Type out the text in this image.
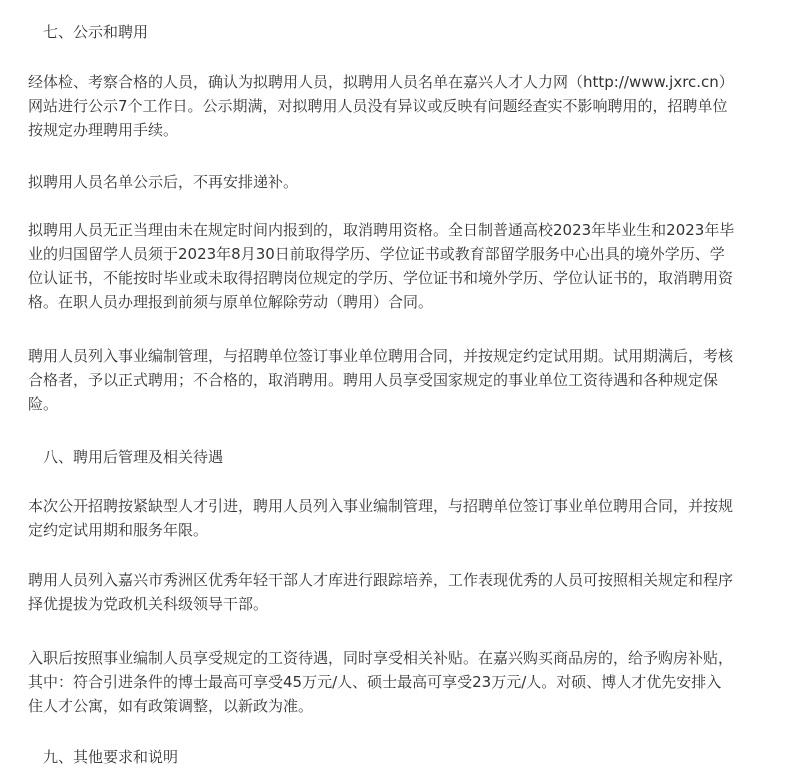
　七、公示和聘用
经体检、考察合格的人员，确认为拟聘用人员，拟聘用人员名单在嘉兴人才人力网（http://www.jxrc.cn）
网站进行公示7个工作日。公示期满，对拟聘用人员没有异议或反映有问题经查实不影响聘用的，招聘单位
按规定办理聘用手续。
拟聘用人员名单公示后，不再安排递补。
拟聘用人员无正当理由未在规定时间内报到的，取消聘用资格。全日制普通高校2023年毕业生和2023年毕
业的归国留学人员须于2023年8月30日前取得学历、学位证书或教育部留学服务中心出具的境外学历、学
位认证书，不能按时毕业或未取得招聘岗位规定的学历、学位证书和境外学历、学位认证书的，取消聘用资
格。在职人员办理报到前须与原单位解除劳动（聘用）合同。
聘用人员列入事业编制管理，与招聘单位签订事业单位聘用合同，并按规定约定试用期。试用期满后，考核
合格者，予以正式聘用；不合格的，取消聘用。聘用人员享受国家规定的事业单位工资待遇和各种规定保
险。
　八、聘用后管理及相关待遇
本次公开招聘按紧缺型人才引进，聘用人员列入事业编制管理，与招聘单位签订事业单位聘用合同，并按规
定约定试用期和服务年限。
聘用人员列入嘉兴市秀洲区优秀年轻干部人才库进行跟踪培养，工作表现优秀的人员可按照相关规定和程序
择优提拔为党政机关科级领导干部。
入职后按照事业编制人员享受规定的工资待遇，同时享受相关补贴。在嘉兴购买商品房的，给予购房补贴，
其中：符合引进条件的博士最高可享受45万元/人、硕士最高可享受23万元/人。对硕、博人才优先安排入
住人才公寓，如有政策调整，以新政为准。
　九、其他要求和说明
